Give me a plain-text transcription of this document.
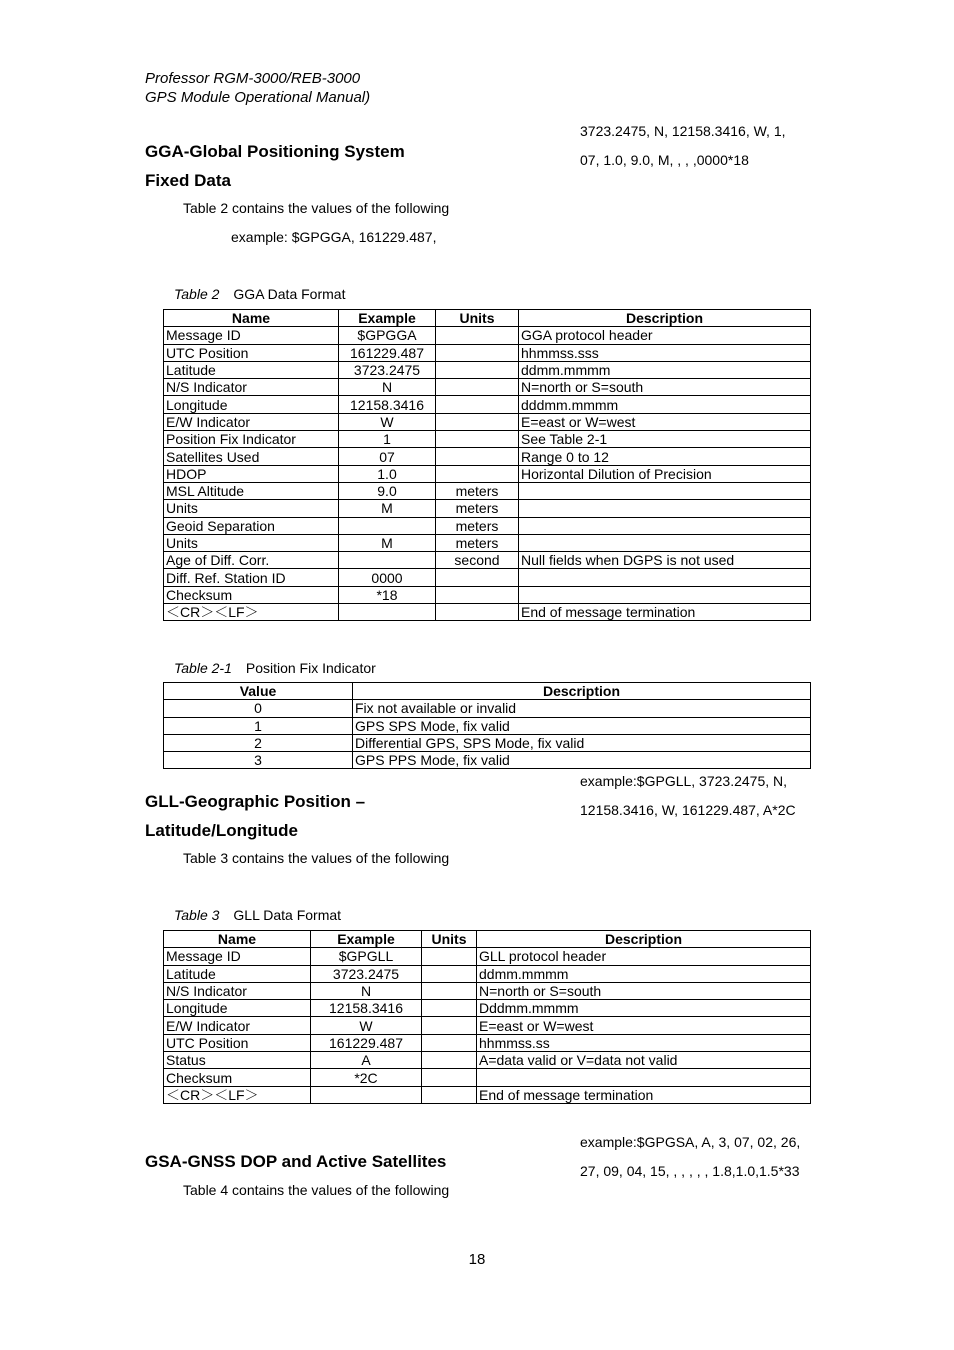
Professor RGM-3000/REB-3000
GPS Module Operational Manual)
GGA-Global Positioning System
Fixed Data
Table 2 contains the values of the following
example: $GPGGA, 161229.487,
3723.2475, N, 12158.3416, W, 1,
07, 1.0, 9.0, M, , , ,0000*18
Table 2 GGA Data Format
Name	Example	Units	Description
Message ID	$GPGGA		GGA protocol header
UTC Position	161229.487		hhmmss.sss
Latitude	3723.2475		ddmm.mmmm
N/S Indicator	N		N=north or S=south
Longitude	12158.3416		dddmm.mmmm
E/W Indicator	W		E=east or W=west
Position Fix Indicator	1		See Table 2-1
Satellites Used	07		Range 0 to 12
HDOP	1.0		Horizontal Dilution of Precision
MSL Altitude	9.0	meters	
Units	M	meters	
Geoid Separation		meters	
Units	M	meters	
Age of Diff. Corr.		second	Null fields when DGPS is not used
Diff. Ref. Station ID	0000		
Checksum	*18		
＜CR＞＜LF＞			End of message termination
Table 2-1 Position Fix Indicator
Value	Description
0	Fix not available or invalid
1	GPS SPS Mode, fix valid
2	Differential GPS, SPS Mode, fix valid
3	GPS PPS Mode, fix valid
example:$GPGLL, 3723.2475, N,
12158.3416, W, 161229.487, A*2C
GLL-Geographic Position –
Latitude/Longitude
Table 3 contains the values of the following
Table 3 GLL Data Format
Name	Example	Units	Description
Message ID	$GPGLL		GLL protocol header
Latitude	3723.2475		ddmm.mmmm
N/S Indicator	N		N=north or S=south
Longitude	12158.3416		Dddmm.mmmm
E/W Indicator	W		E=east or W=west
UTC Position	161229.487		hhmmss.ss
Status	A		A=data valid or V=data not valid
Checksum	*2C		
＜CR＞＜LF＞			End of message termination
example:$GPGSA, A, 3, 07, 02, 26,
27, 09, 04, 15, , , , , , 1.8,1.0,1.5*33
GSA-GNSS DOP and Active Satellites
Table 4 contains the values of the following
18
